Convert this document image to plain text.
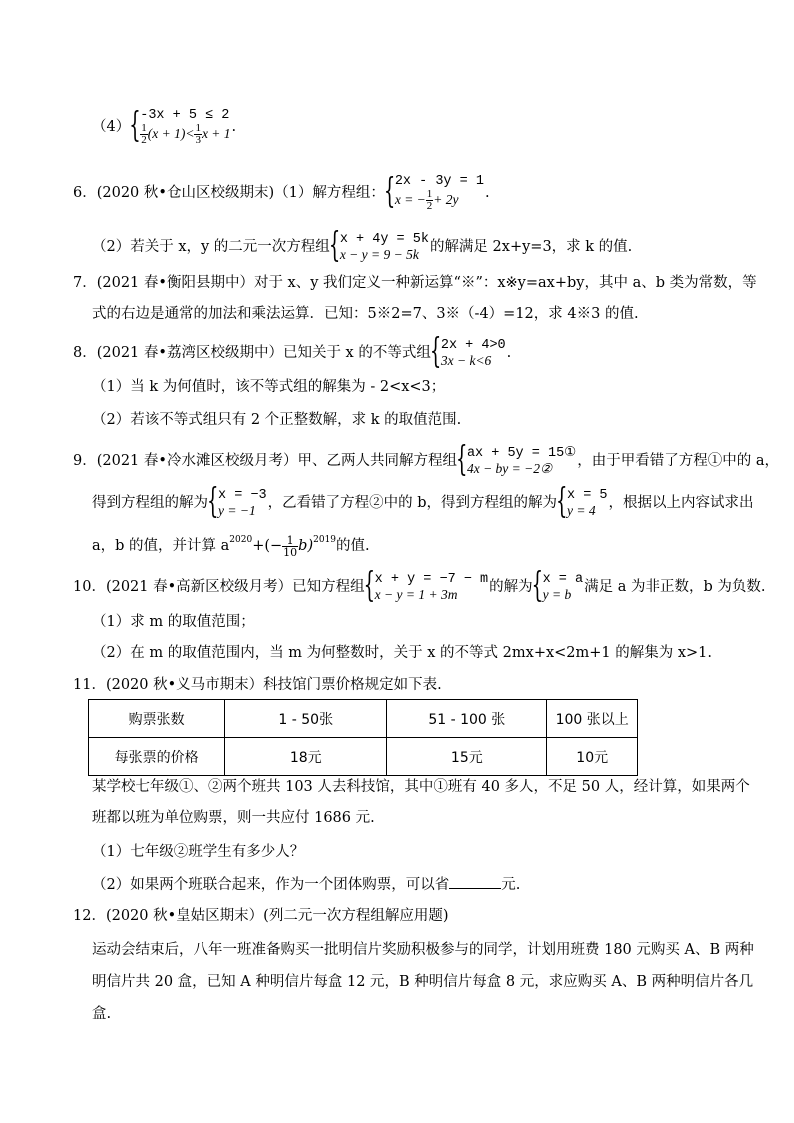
（4）
{ -3x + 5 ≤ 2
$\frac{1}{2} (x + 1)< \frac{1}{3}$ x + 1 .
6．(2020 秋•仓山区校级期末)（1）解方程组：
{ 2x - 3y = 1
x = − $\frac{1}{2} + 2y$	.
（2）若关于 x，y 的二元一次方程组 { x + 4y = 5k
x − y = 9 − 5k 的解满足 2x+y=3，求 k 的值.
7．(2021 春•衡阳县期中）对于 x、y 我们定义一种新运算“※”：x※y=ax+by，其中 a、b 类为常数，等
式的右边是通常的加法和乘法运算．已知：5※2=7、3※（-4）=12，求 4※3 的值.
8．(2021 春•荔湾区校级期中）已知关于 x 的不等式组 { 2x + 4>0
3x − k<6	.
（1）当 k 为何值时，该不等式组的解集为 - 2<x<3；
（2）若该不等式组只有 2 个正整数解，求 k 的取值范围.
9．(2021 春•冷水滩区校级月考）甲、乙两人共同解方程组 { ax + 5y = 15①
4x − by = −2②	，由于甲看错了方程①中的 a，
得到方程组的解为 { x = −3
y = −1 ，乙看错了方程②中的 b，得到方程组的解为 { x = 5
y = 4 ，根据以上内容试求出
a，b 的值，并计算 $a^{2020}+(- \frac{1}{10} b)^{2019}$的值.
10．(2021 春•高新区校级月考）已知方程组 { x + y = −7 − m
x − y = 1 + 3m	的解为 { x = a
y = b 满足 a 为非正数，b 为负数.
（1）求 m 的取值范围；
（2）在 m 的取值范围内，当 m 为何整数时，关于 x 的不等式 2mx+x<2m+1 的解集为 x>1.
11．(2020 秋•义马市期末）科技馆门票价格规定如下表.
购票张数	1 - 50张	51 - 100 张	100 张以上
每张票的价格	18元	15元	10元
某学校七年级①、②两个班共 103 人去科技馆，其中①班有 40 多人，不足 50 人，经计算，如果两个
班都以班为单位购票，则一共应付 1686 元.
（1）七年级②班学生有多少人？
（2）如果两个班联合起来，作为一个团体购票，可以省	元.
12．(2020 秋•皇姑区期末）(列二元一次方程组解应用题)
运动会结束后，八年一班准备购买一批明信片奖励积极参与的同学，计划用班费 180 元购买 A、B 两种
明信片共 20 盒，已知 A 种明信片每盒 12 元，B 种明信片每盒 8 元，求应购买 A、B 两种明信片各几
盒.
